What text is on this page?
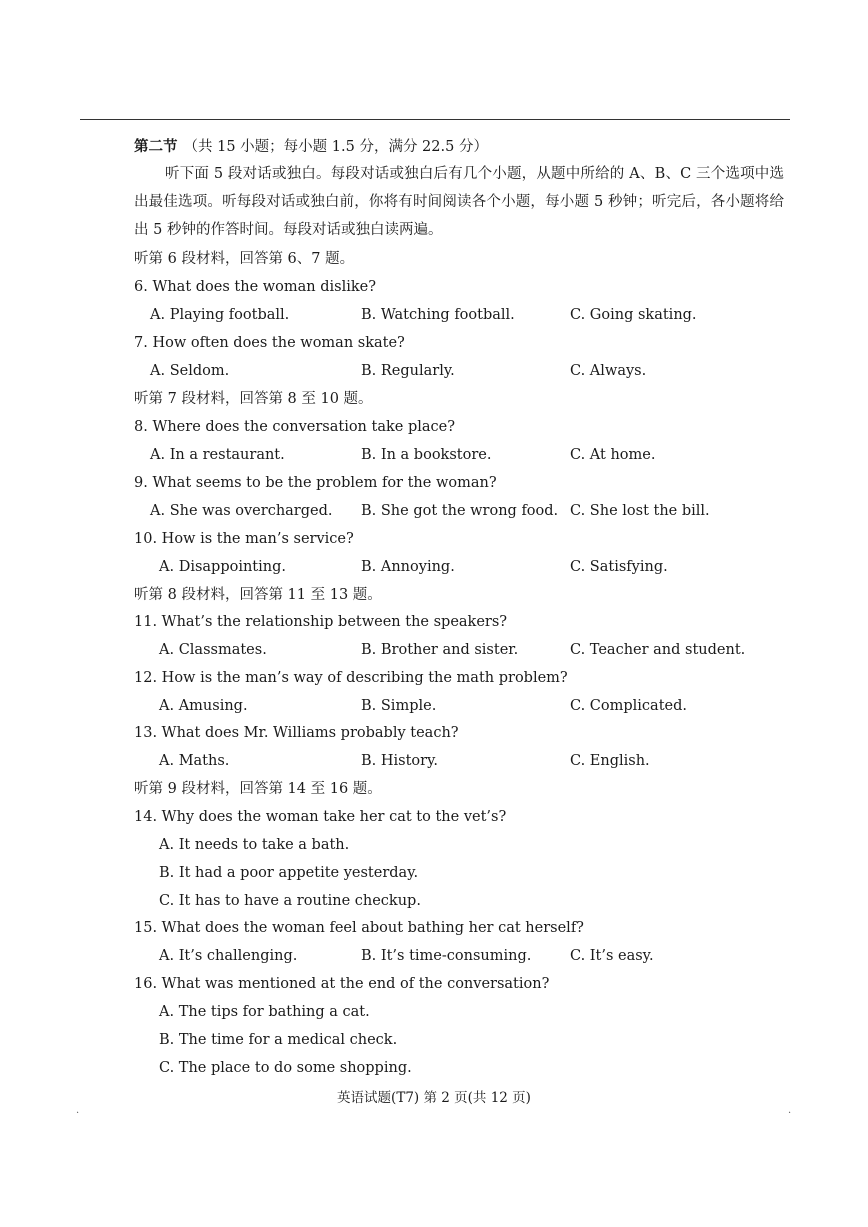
第二节 （共 15 小题；每小题 1.5 分，满分 22.5 分）
听下面 5 段对话或独白。每段对话或独白后有几个小题，从题中所给的 A、B、C 三个选项中选出最佳选项。听每段对话或独白前，你将有时间阅读各个小题，每小题 5 秒钟；听完后，各小题将给出 5 秒钟的作答时间。每段对话或独白读两遍。
听第 6 段材料，回答第 6、7 题。
6. What does the woman dislike?
A. Playing football.	B. Watching football.	C. Going skating.
7. How often does the woman skate?
A. Seldom.	B. Regularly.	C. Always.
听第 7 段材料，回答第 8 至 10 题。
8. Where does the conversation take place?
A. In a restaurant.	B. In a bookstore.	C. At home.
9. What seems to be the problem for the woman?
A. She was overcharged. B. She got the wrong food. C. She lost the bill.
10. How is the man’s service?
A. Disappointing.	B. Annoying.	C. Satisfying.
听第 8 段材料，回答第 11 至 13 题。
11. What’s the relationship between the speakers?
A. Classmates.	B. Brother and sister.	C. Teacher and student.
12. How is the man’s way of describing the math problem?
A. Amusing.	B. Simple.	C. Complicated.
13. What does Mr. Williams probably teach?
A. Maths.	B. History.	C. English.
听第 9 段材料，回答第 14 至 16 题。
14. Why does the woman take her cat to the vet’s?
A. It needs to take a bath.
B. It had a poor appetite yesterday.
C. It has to have a routine checkup.
15. What does the woman feel about bathing her cat herself?
A. It’s challenging.	B. It’s time-consuming.	C. It’s easy.
16. What was mentioned at the end of the conversation?
A. The tips for bathing a cat.
B. The time for a medical check.
C. The place to do some shopping.
英语试题(T7) 第 2 页(共 12 页)
·	·
